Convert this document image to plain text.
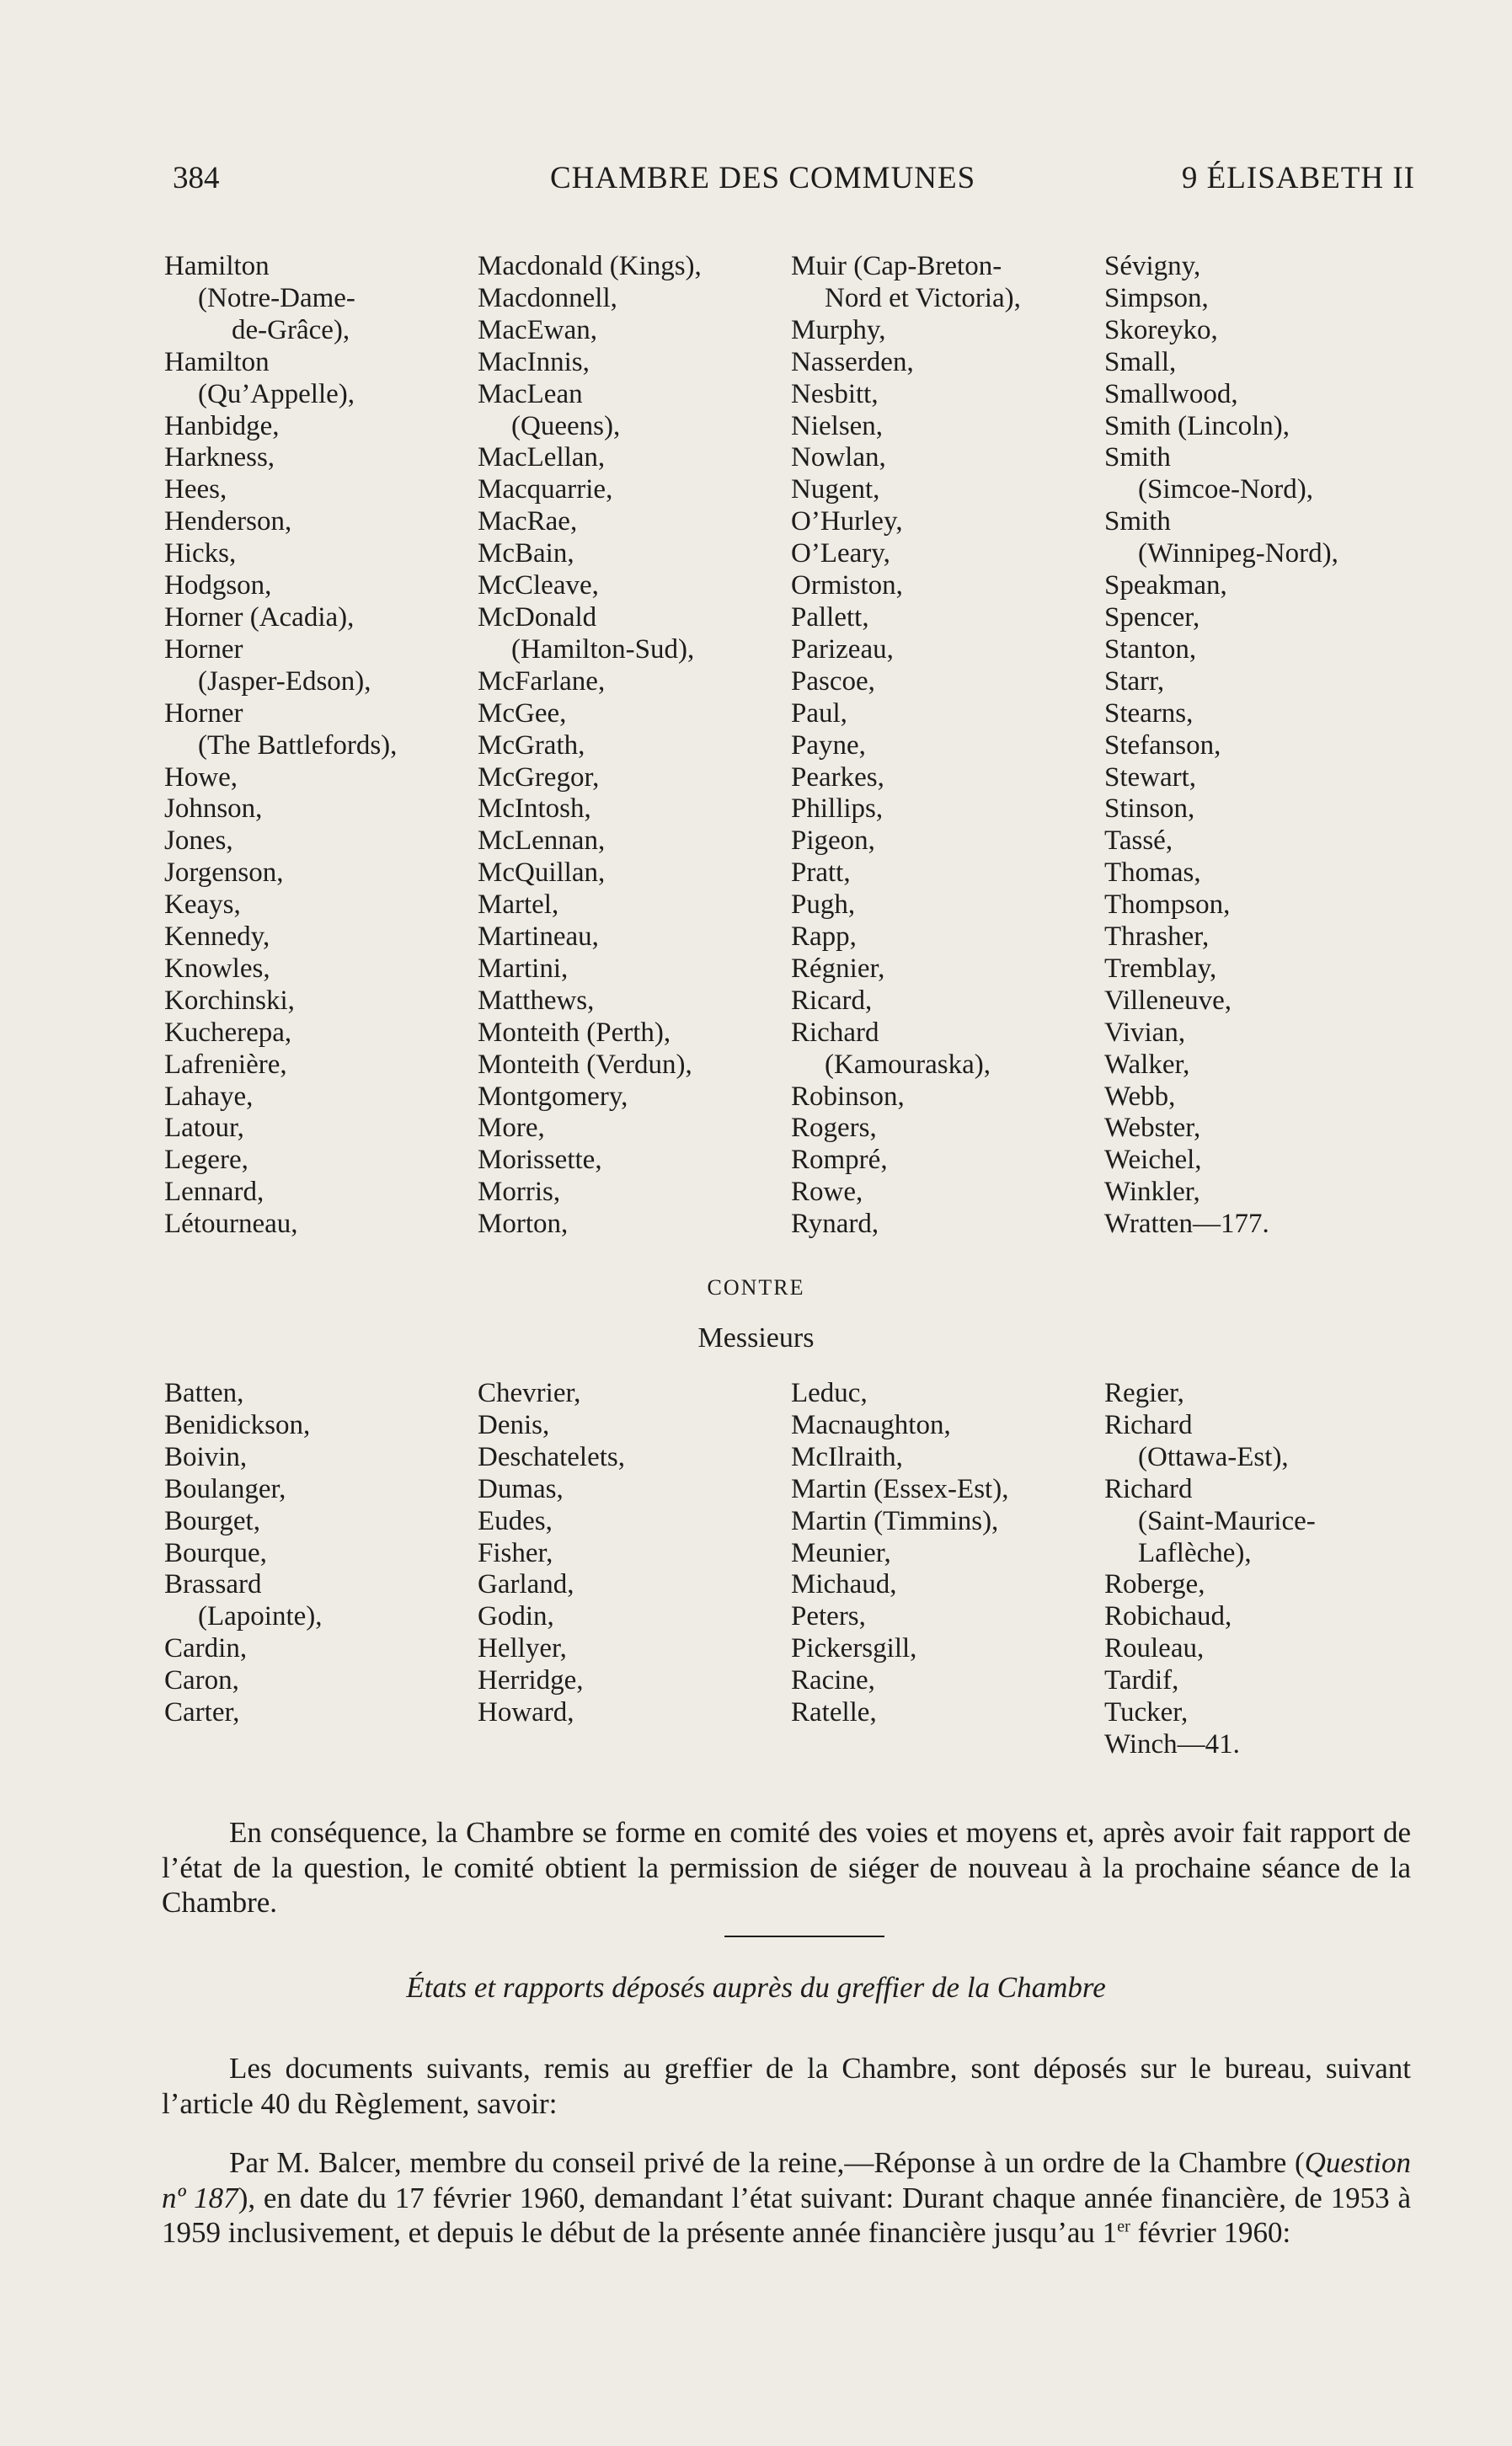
384	CHAMBRE DES COMMUNES	9 ÉLISABETH II
Hamilton
(Notre-Dame-
de-Grâce),
Hamilton
(Qu’Appelle),
Hanbidge,
Harkness,
Hees,
Henderson,
Hicks,
Hodgson,
Horner (Acadia),
Horner
(Jasper-Edson),
Horner
(The Battlefords),
Howe,
Johnson,
Jones,
Jorgenson,
Keays,
Kennedy,
Knowles,
Korchinski,
Kucherepa,
Lafrenière,
Lahaye,
Latour,
Legere,
Lennard,
Létourneau,
Macdonald (Kings),
Macdonnell,
MacEwan,
MacInnis,
MacLean
(Queens),
MacLellan,
Macquarrie,
MacRae,
McBain,
McCleave,
McDonald
(Hamilton-Sud),
McFarlane,
McGee,
McGrath,
McGregor,
McIntosh,
McLennan,
McQuillan,
Martel,
Martineau,
Martini,
Matthews,
Monteith (Perth),
Monteith (Verdun),
Montgomery,
More,
Morissette,
Morris,
Morton,
Muir (Cap-Breton-
Nord et Victoria),
Murphy,
Nasserden,
Nesbitt,
Nielsen,
Nowlan,
Nugent,
O’Hurley,
O’Leary,
Ormiston,
Pallett,
Parizeau,
Pascoe,
Paul,
Payne,
Pearkes,
Phillips,
Pigeon,
Pratt,
Pugh,
Rapp,
Régnier,
Ricard,
Richard
(Kamouraska),
Robinson,
Rogers,
Rompré,
Rowe,
Rynard,
Sévigny,
Simpson,
Skoreyko,
Small,
Smallwood,
Smith (Lincoln),
Smith
(Simcoe-Nord),
Smith
(Winnipeg-Nord),
Speakman,
Spencer,
Stanton,
Starr,
Stearns,
Stefanson,
Stewart,
Stinson,
Tassé,
Thomas,
Thompson,
Thrasher,
Tremblay,
Villeneuve,
Vivian,
Walker,
Webb,
Webster,
Weichel,
Winkler,
Wratten—177.
CONTRE
Messieurs
Batten,
Benidickson,
Boivin,
Boulanger,
Bourget,
Bourque,
Brassard
(Lapointe),
Cardin,
Caron,
Carter,
Chevrier,
Denis,
Deschatelets,
Dumas,
Eudes,
Fisher,
Garland,
Godin,
Hellyer,
Herridge,
Howard,
Leduc,
Macnaughton,
McIlraith,
Martin (Essex-Est),
Martin (Timmins),
Meunier,
Michaud,
Peters,
Pickersgill,
Racine,
Ratelle,
Regier,
Richard
(Ottawa-Est),
Richard
(Saint-Maurice-
Laflèche),
Roberge,
Robichaud,
Rouleau,
Tardif,
Tucker,
Winch—41.

En conséquence, la Chambre se forme en comité des voies et moyens et, après avoir fait rapport de l’état de la question, le comité obtient la permission de siéger de nouveau à la prochaine séance de la Chambre.

États et rapports déposés auprès du greffier de la Chambre

Les documents suivants, remis au greffier de la Chambre, sont déposés sur le bureau, suivant l’article 40 du Règlement, savoir:

Par M. Balcer, membre du conseil privé de la reine,—Réponse à un ordre de la Chambre (Question nº 187), en date du 17 février 1960, demandant l’état suivant: Durant chaque année financière, de 1953 à 1959 inclusivement, et depuis le début de la présente année financière jusqu’au 1er février 1960:
